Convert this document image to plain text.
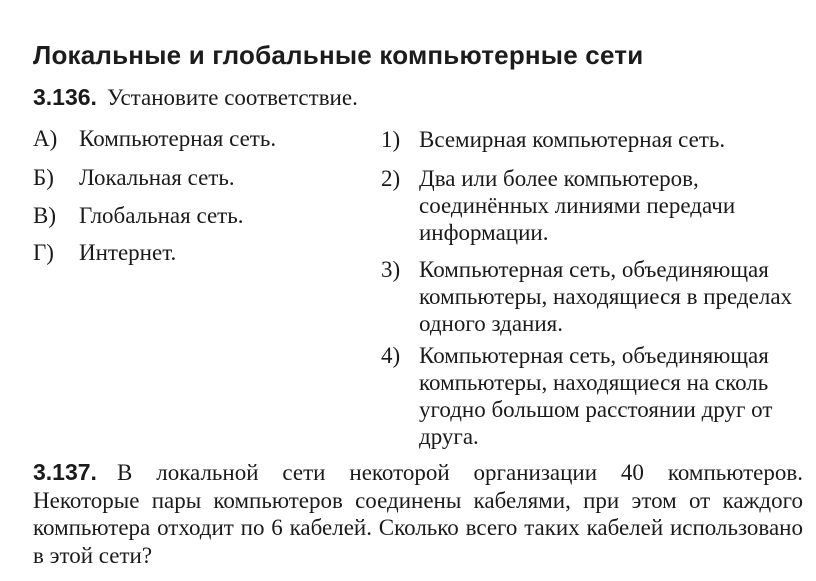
Локальные и глобальные компьютерные сети
3.136. Установите соответствие.
А) Компьютерная сеть.
Б) Локальная сеть.
В) Глобальная сеть.
Г) Интернет.
1) Всемирная компьютерная сеть.
2) Два или более компьютеров, соединённых линиями передачи информации.
3) Компьютерная сеть, объединяющая компьютеры, находящиеся в пределах одного здания.
4) Компьютерная сеть, объединяющая компьютеры, находящиеся на сколь угодно большом расстоянии друг от друга.
3.137. В локальной сети некоторой организации 40 компьютеров. Некоторые пары компьютеров соединены кабелями, при этом от каждого компьютера отходит по 6 кабелей. Сколько всего таких кабелей использовано в этой сети?
